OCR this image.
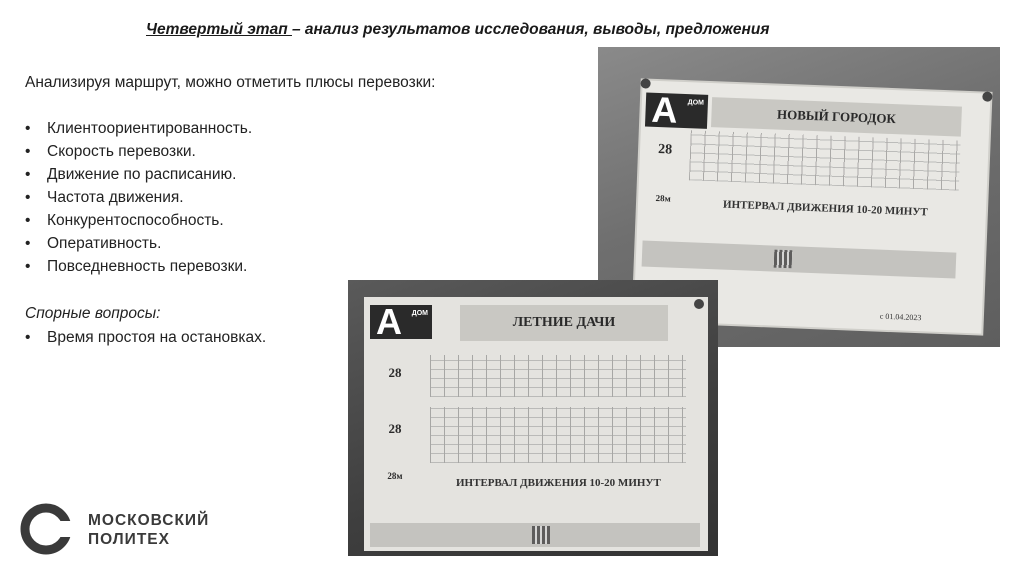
Четвертый этап – анализ результатов исследования, выводы, предложения
Анализируя маршрут, можно отметить плюсы перевозки:
• Клиентоориентированность.
• Скорость перевозки.
• Движение по расписанию.
• Частота движения.
• Конкурентоспособность.
• Оперативность.
• Повседневность перевозки.
Спорные вопросы:
• Время простоя на остановках.
А ДОМ
НОВЫЙ ГОРОДОК
28
28м
ИНТЕРВАЛ ДВИЖЕНИЯ 10-20 МИНУТ
с 01.04.2023
А ДОМ
ЛЕТНИЕ ДАЧИ
28
28
28м
ИНТЕРВАЛ ДВИЖЕНИЯ 10-20 МИНУТ
МОСКОВСКИЙ
ПОЛИТЕХ
